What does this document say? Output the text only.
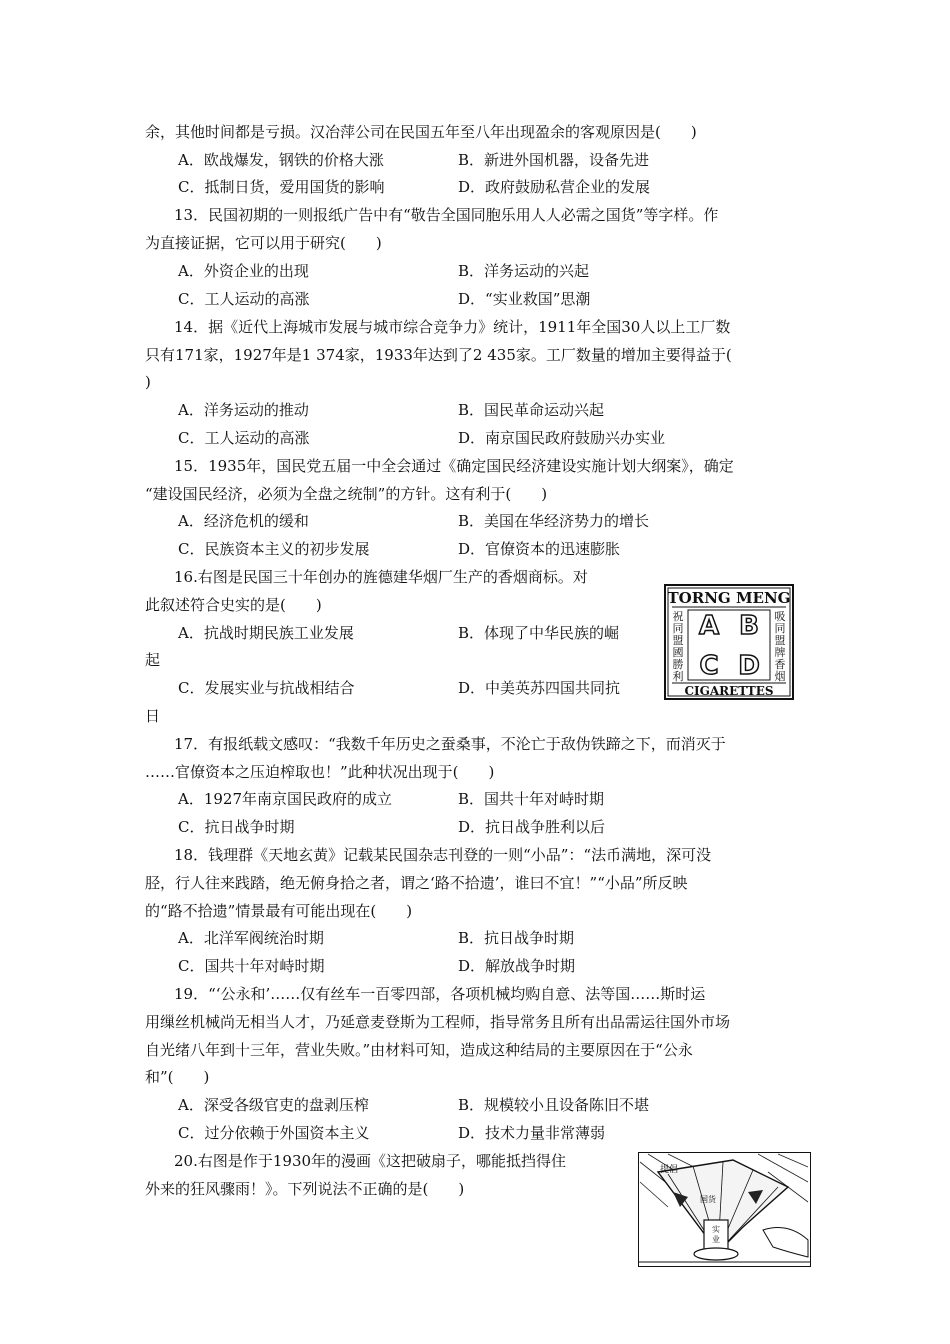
余，其他时间都是亏损。汉冶萍公司在民国五年至八年出现盈余的客观原因是(　　)
A．欧战爆发，钢铁的价格大涨	B．新进外国机器，设备先进
C．抵制日货，爱用国货的影响	D．政府鼓励私营企业的发展
13．民国初期的一则报纸广告中有“敬告全国同胞乐用人人必需之国货”等字样。作
为直接证据，它可以用于研究(　　)
A．外资企业的出现	B．洋务运动的兴起
C．工人运动的高涨	D．“实业救国”思潮
14．据《近代上海城市发展与城市综合竞争力》统计，1911年全国30人以上工厂数
只有171家，1927年是1 374家，1933年达到了2 435家。工厂数量的增加主要得益于(
)
A．洋务运动的推动	B．国民革命运动兴起
C．工人运动的高涨	D．南京国民政府鼓励兴办实业
15．1935年，国民党五届一中全会通过《确定国民经济建设实施计划大纲案》，确定
“建设国民经济，必须为全盘之统制”的方针。这有利于(　　)
A．经济危机的缓和	B．美国在华经济势力的增长
C．民族资本主义的初步发展	D．官僚资本的迅速膨胀
16.右图是民国三十年创办的旌德建华烟厂生产的香烟商标。对
此叙述符合史实的是(　　)
A．抗战时期民族工业发展	B．体现了中华民族的崛
起
C．发展实业与抗战相结合	D．中美英苏四国共同抗
日
17．有报纸载文感叹：“我数千年历史之蚕桑事，不沦亡于敌伪铁蹄之下，而消灭于
……官僚资本之压迫榨取也！”此种状况出现于(　　)
A．1927年南京国民政府的成立	B．国共十年对峙时期
C．抗日战争时期	D．抗日战争胜利以后
18．钱理群《天地玄黄》记载某民国杂志刊登的一则“小品”：“法币满地，深可没
胫，行人往来践踏，绝无俯身拾之者，谓之‘路不拾遗’，谁曰不宜！”“小品”所反映
的“路不拾遗”情景最有可能出现在(　　)
A．北洋军阀统治时期	B．抗日战争时期
C．国共十年对峙时期	D．解放战争时期
19．“‘公永和’……仅有丝车一百零四部，各项机械均购自意、法等国……斯时运
用缫丝机械尚无相当人才，乃延意麦登斯为工程师，指导常务且所有出品需运往国外市场
自光绪八年到十三年，营业失败。”由材料可知，造成这种结局的主要原因在于“公永
和”(　　)
A．深受各级官吏的盘剥压榨	B．规模较小且设备陈旧不堪
C．过分依赖于外国资本主义	D．技术力量非常薄弱
20.右图是作于1930年的漫画《这把破扇子，哪能抵挡得住
外来的狂风骤雨！》。下列说法不正确的是(　　)
TORNG MENG
祝同盟國勝利
吸同盟牌香烟
A B
C D
CIGARETTES
提倡
国货
实业
